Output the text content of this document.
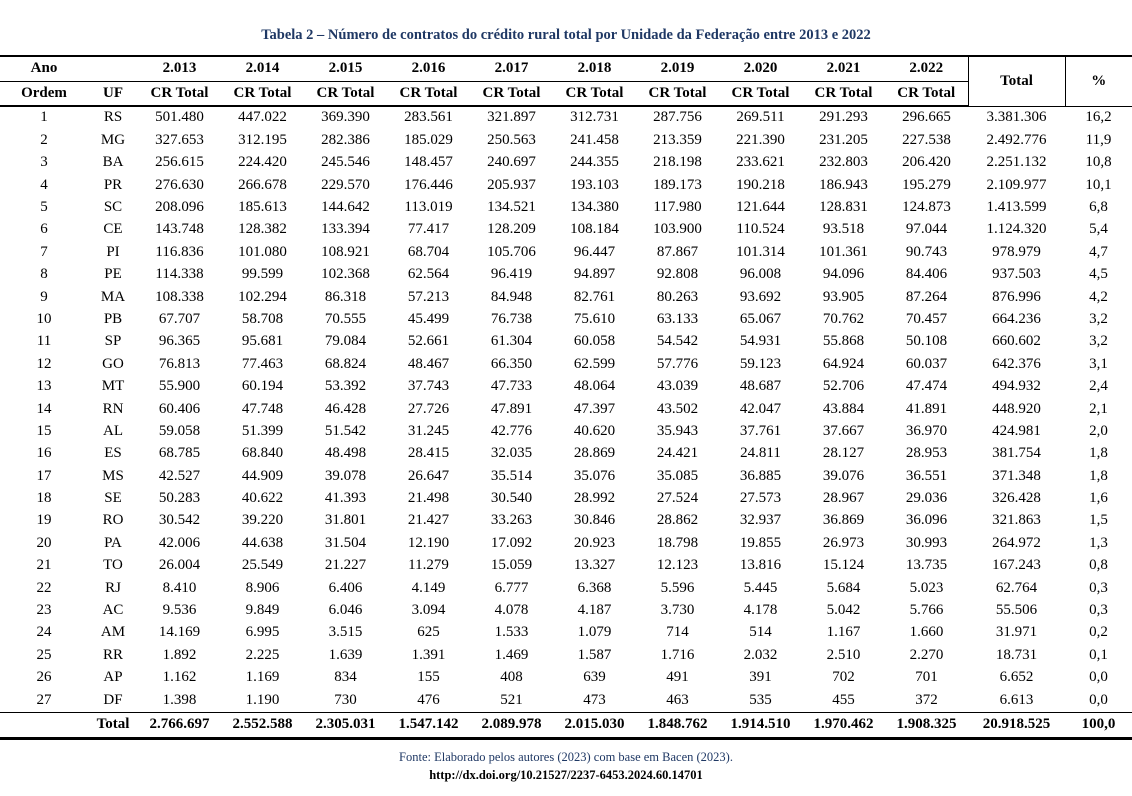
Tabela 2 – Número de contratos do crédito rural total por Unidade da Federação entre 2013 e 2022
Ano		2.013	2.014	2.015	2.016	2.017	2.018	2.019	2.020	2.021	2.022	Total	%
Ordem	UF	CR Total	CR Total	CR Total	CR Total	CR Total	CR Total	CR Total	CR Total	CR Total	CR Total		
1	RS	501.480	447.022	369.390	283.561	321.897	312.731	287.756	269.511	291.293	296.665	3.381.306	16,2
2	MG	327.653	312.195	282.386	185.029	250.563	241.458	213.359	221.390	231.205	227.538	2.492.776	11,9
3	BA	256.615	224.420	245.546	148.457	240.697	244.355	218.198	233.621	232.803	206.420	2.251.132	10,8
4	PR	276.630	266.678	229.570	176.446	205.937	193.103	189.173	190.218	186.943	195.279	2.109.977	10,1
5	SC	208.096	185.613	144.642	113.019	134.521	134.380	117.980	121.644	128.831	124.873	1.413.599	6,8
6	CE	143.748	128.382	133.394	77.417	128.209	108.184	103.900	110.524	93.518	97.044	1.124.320	5,4
7	PI	116.836	101.080	108.921	68.704	105.706	96.447	87.867	101.314	101.361	90.743	978.979	4,7
8	PE	114.338	99.599	102.368	62.564	96.419	94.897	92.808	96.008	94.096	84.406	937.503	4,5
9	MA	108.338	102.294	86.318	57.213	84.948	82.761	80.263	93.692	93.905	87.264	876.996	4,2
10	PB	67.707	58.708	70.555	45.499	76.738	75.610	63.133	65.067	70.762	70.457	664.236	3,2
11	SP	96.365	95.681	79.084	52.661	61.304	60.058	54.542	54.931	55.868	50.108	660.602	3,2
12	GO	76.813	77.463	68.824	48.467	66.350	62.599	57.776	59.123	64.924	60.037	642.376	3,1
13	MT	55.900	60.194	53.392	37.743	47.733	48.064	43.039	48.687	52.706	47.474	494.932	2,4
14	RN	60.406	47.748	46.428	27.726	47.891	47.397	43.502	42.047	43.884	41.891	448.920	2,1
15	AL	59.058	51.399	51.542	31.245	42.776	40.620	35.943	37.761	37.667	36.970	424.981	2,0
16	ES	68.785	68.840	48.498	28.415	32.035	28.869	24.421	24.811	28.127	28.953	381.754	1,8
17	MS	42.527	44.909	39.078	26.647	35.514	35.076	35.085	36.885	39.076	36.551	371.348	1,8
18	SE	50.283	40.622	41.393	21.498	30.540	28.992	27.524	27.573	28.967	29.036	326.428	1,6
19	RO	30.542	39.220	31.801	21.427	33.263	30.846	28.862	32.937	36.869	36.096	321.863	1,5
20	PA	42.006	44.638	31.504	12.190	17.092	20.923	18.798	19.855	26.973	30.993	264.972	1,3
21	TO	26.004	25.549	21.227	11.279	15.059	13.327	12.123	13.816	15.124	13.735	167.243	0,8
22	RJ	8.410	8.906	6.406	4.149	6.777	6.368	5.596	5.445	5.684	5.023	62.764	0,3
23	AC	9.536	9.849	6.046	3.094	4.078	4.187	3.730	4.178	5.042	5.766	55.506	0,3
24	AM	14.169	6.995	3.515	625	1.533	1.079	714	514	1.167	1.660	31.971	0,2
25	RR	1.892	2.225	1.639	1.391	1.469	1.587	1.716	2.032	2.510	2.270	18.731	0,1
26	AP	1.162	1.169	834	155	408	639	491	391	702	701	6.652	0,0
27	DF	1.398	1.190	730	476	521	473	463	535	455	372	6.613	0,0
	Total	2.766.697	2.552.588	2.305.031	1.547.142	2.089.978	2.015.030	1.848.762	1.914.510	1.970.462	1.908.325	20.918.525	100,0
Fonte: Elaborado pelos autores (2023) com base em Bacen (2023).
http://dx.doi.org/10.21527/2237-6453.2024.60.14701
